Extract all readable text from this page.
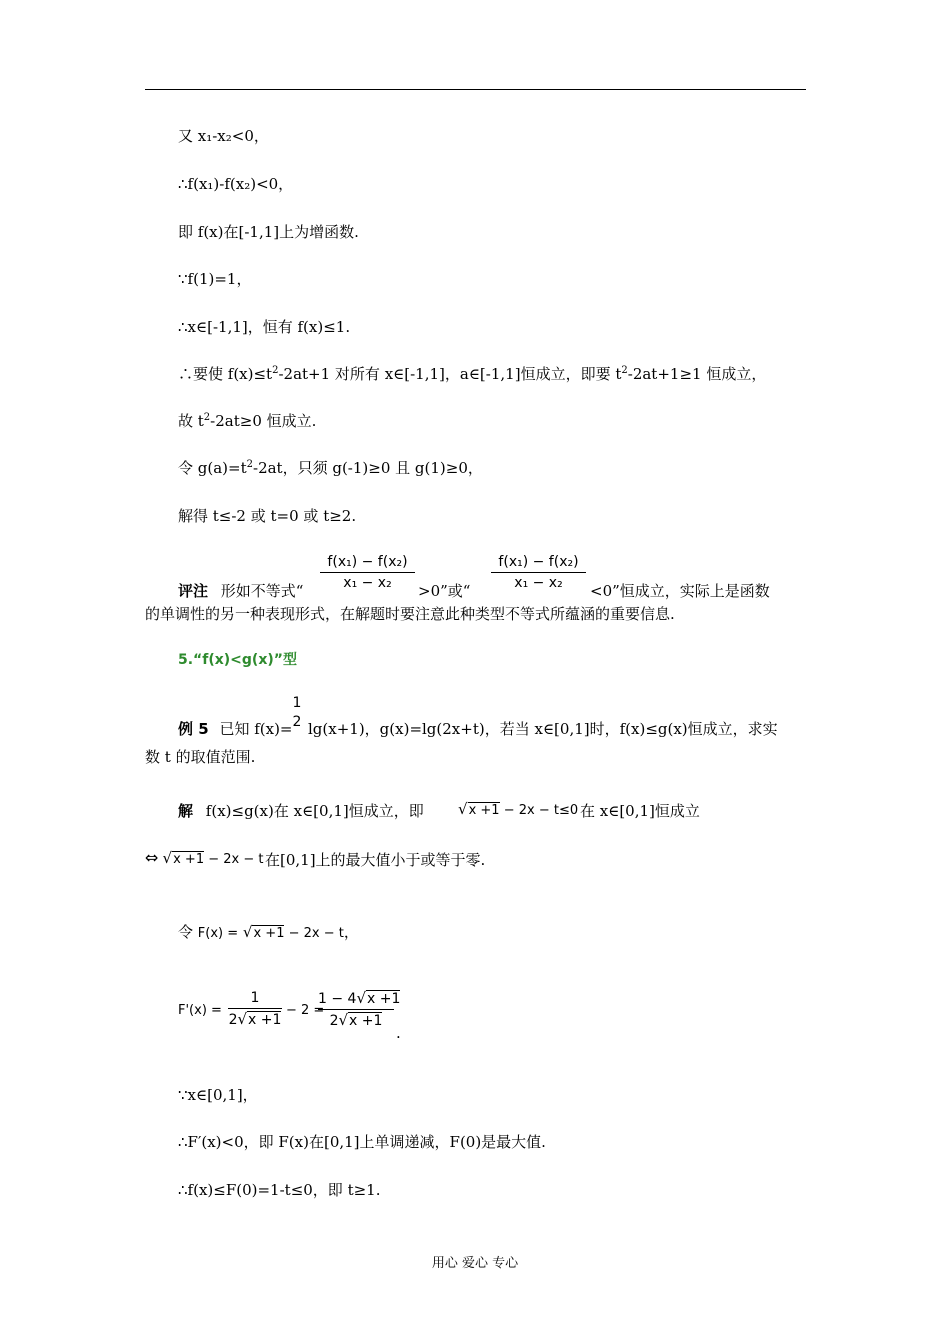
又 x₁-x₂<0，
∴f(x₁)-f(x₂)<0，
即 f(x)在[-1,1]上为增函数.
∵f(1)=1，
∴x∈[-1,1]，恒有 f(x)≤1.
∴要使 $f(x)\le t^2-2at+1$ 对所有 x∈[-1,1]，a∈[-1,1]恒成立，即要 $t^2-2at+1\ge 1$ 恒成立，
故 $t^2-2at\ge 0$ 恒成立.
令 $g(a)=t^2-2at$，只须 g(-1)≥0 且 g(1)≥0，
解得 t≤-2 或 t=0 或 t≥2.
f(x₁) − f(x₂)
x₁ − x₂
f(x₁) − f(x₂)
x₁ − x₂
评注 形如不等式“	>0”或“	<0”恒成立，实际上是函数
的单调性的另一种表现形式，在解题时要注意此种类型不等式所蕴涵的重要信息.
5.“f(x)<g(x)”型
1
2
例 5 已知 f(x)= lg(x+1)，g(x)=lg(2x+t)，若当 x∈[0,1]时，f(x)≤g(x)恒成立，求实
数 t 的取值范围.
解 f(x)≤g(x)在 x∈[0,1]恒成立，即 √x +1 − 2x − t≤0 在 x∈[0,1]恒成立
⇔ √x +1 − 2x − t 在[0,1]上的最大值小于或等于零.
令 F(x) = √x +1 − 2x − t，
F'(x) =
1
2√x +1
− 2 =
1 − 4√x +1
2√x +1
.
∵x∈[0,1]，
∴F′(x)<0，即 F(x)在[0,1]上单调递减，F(0)是最大值.
∴f(x)≤F(0)=1-t≤0，即 t≥1.
用心 爱心 专心
